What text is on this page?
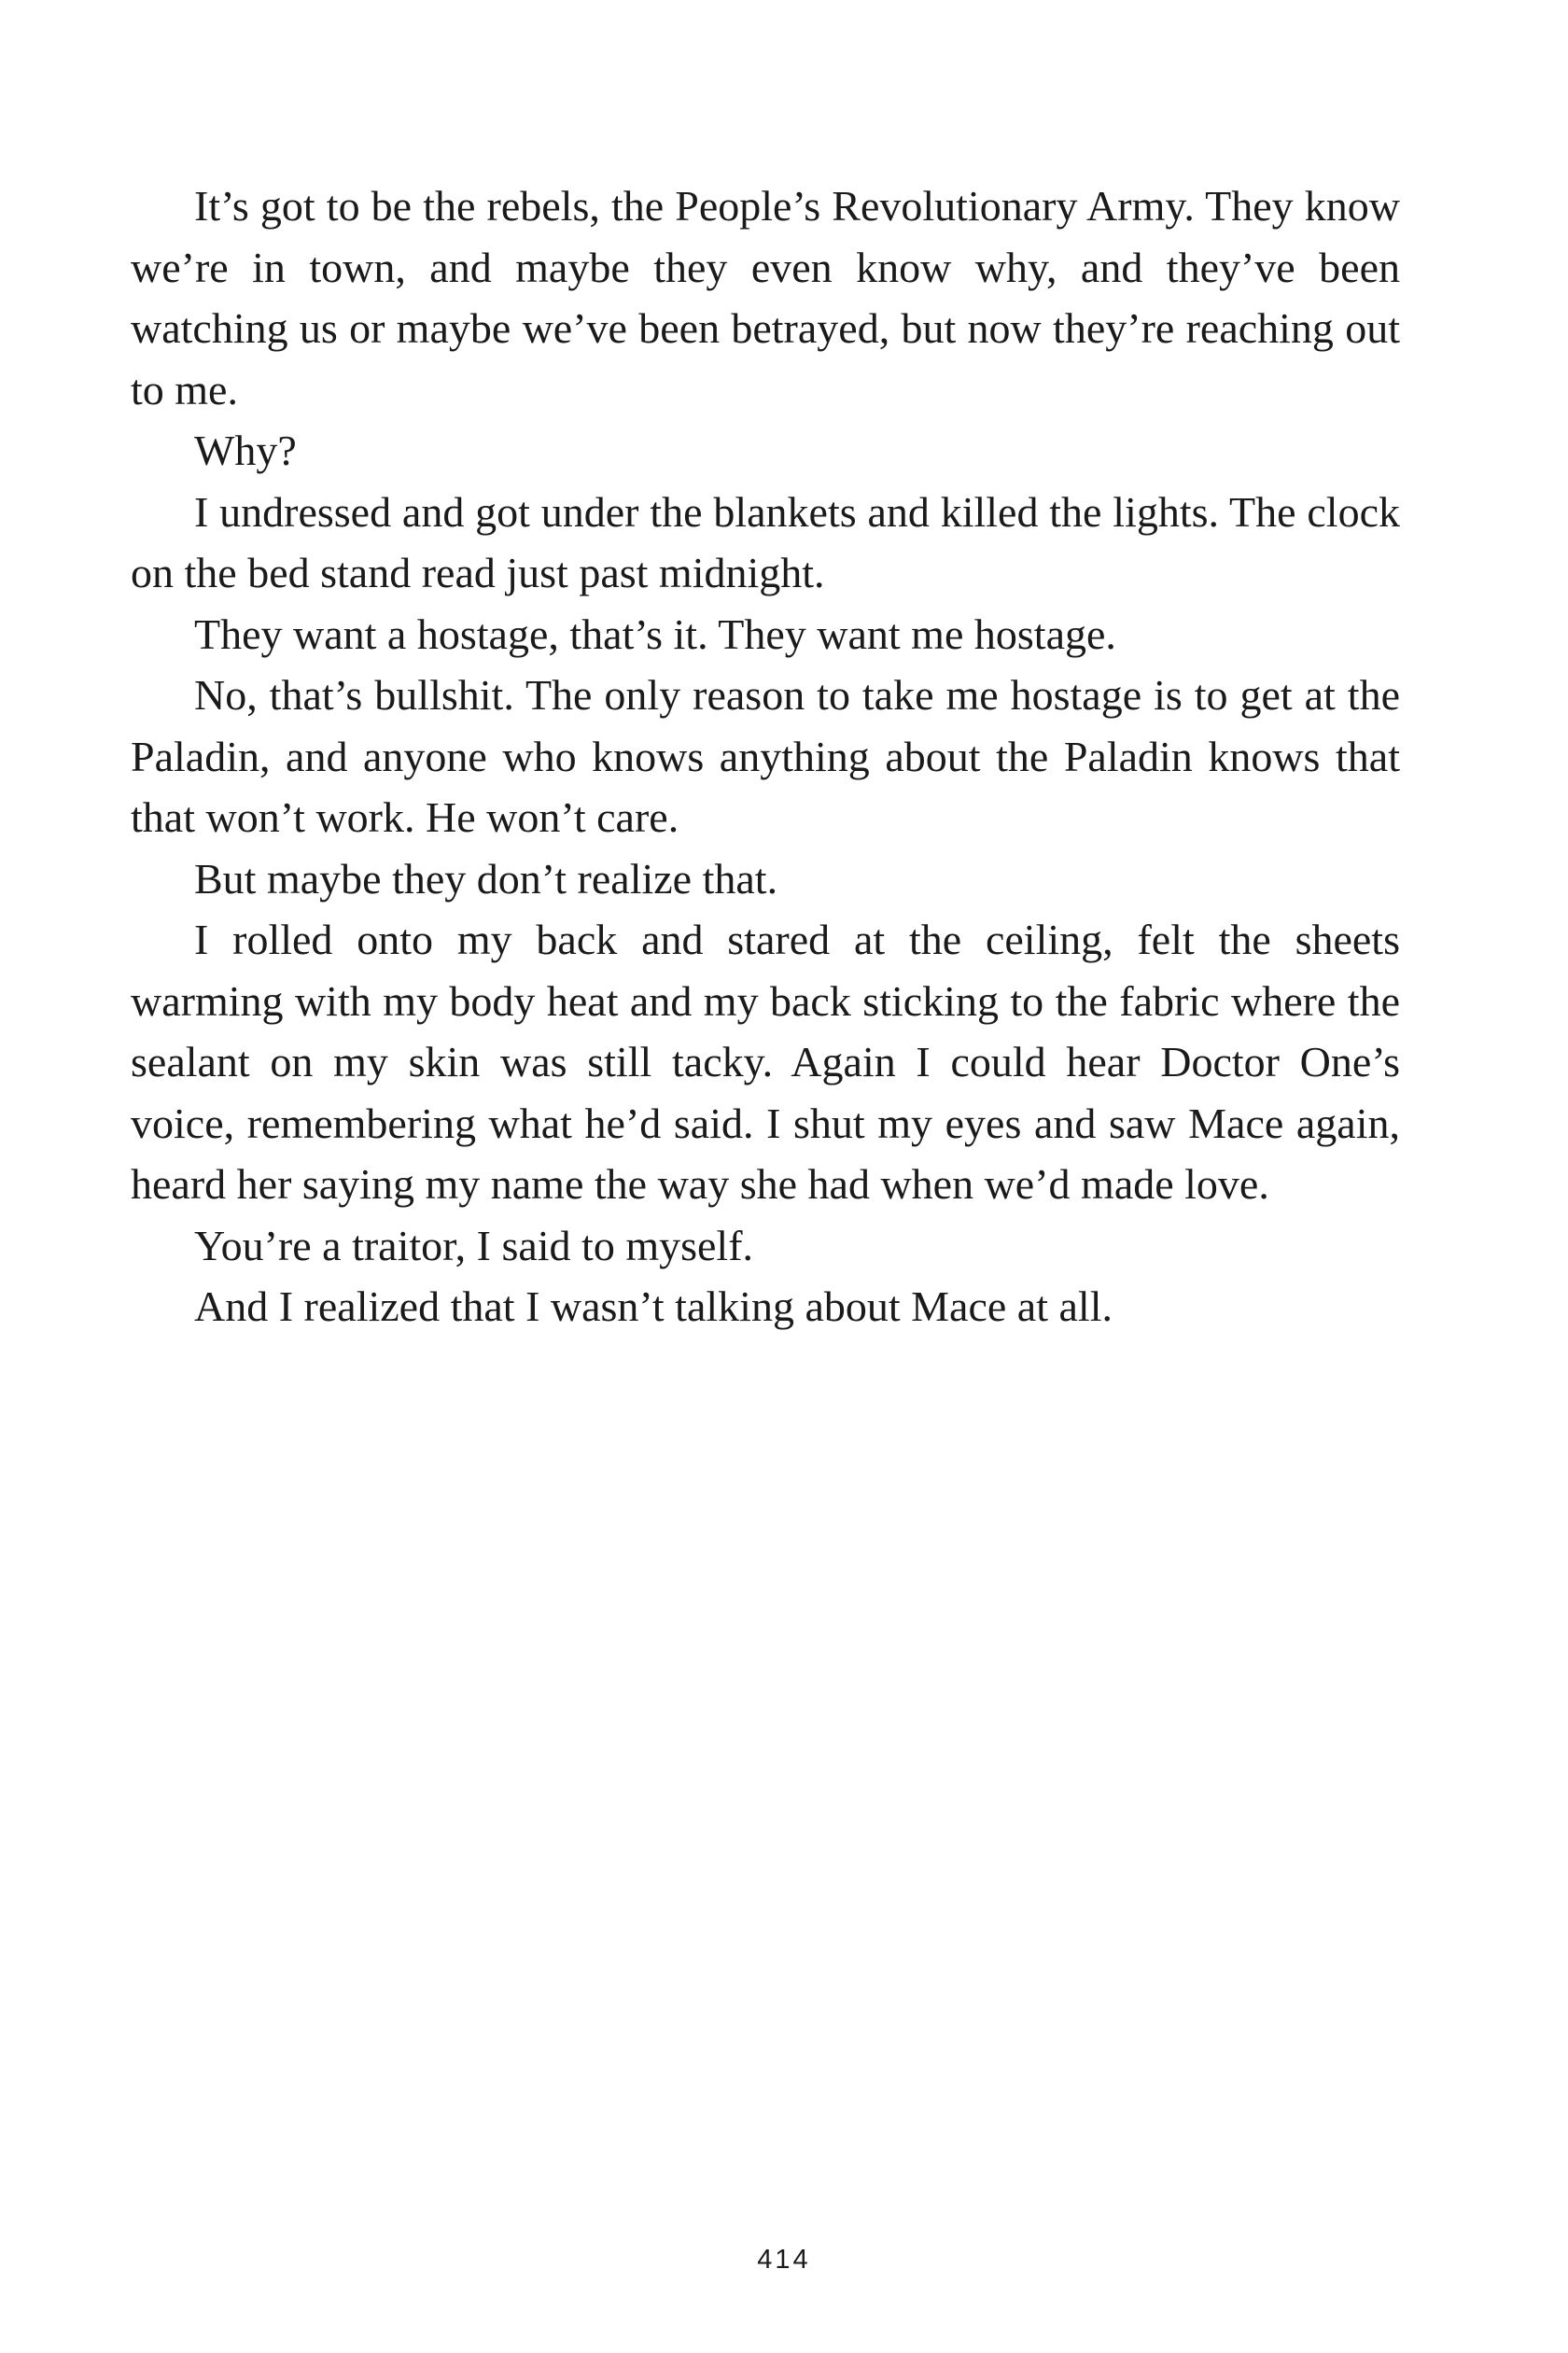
It’s got to be the rebels, the People’s Revolutionary Army. They know we’re in town, and maybe they even know why, and they’ve been watching us or maybe we’ve been betrayed, but now they’re reaching out to me.

Why?

I undressed and got under the blankets and killed the lights. The clock on the bed stand read just past midnight.

They want a hostage, that’s it. They want me hostage.

No, that’s bullshit. The only reason to take me hostage is to get at the Paladin, and anyone who knows anything about the Paladin knows that that won’t work. He won’t care.

But maybe they don’t realize that.

I rolled onto my back and stared at the ceiling, felt the sheets warming with my body heat and my back sticking to the fabric where the sealant on my skin was still tacky. Again I could hear Doctor One’s voice, remembering what he’d said. I shut my eyes and saw Mace again, heard her saying my name the way she had when we’d made love.

You’re a traitor, I said to myself.

And I realized that I wasn’t talking about Mace at all.

414
